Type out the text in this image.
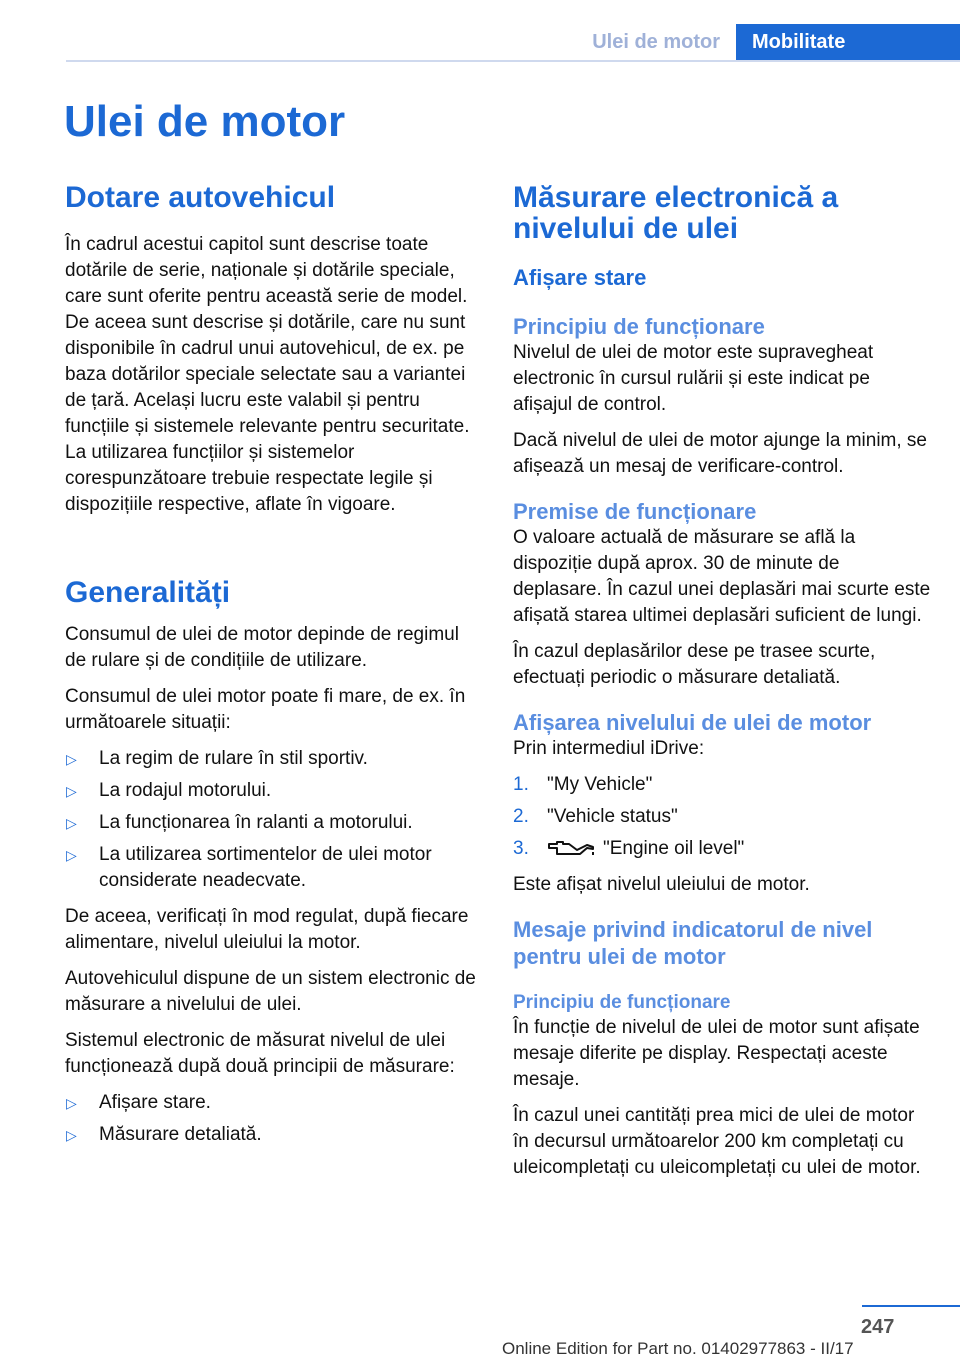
Ulei de motor	Mobilitate
Ulei de motor
Dotare autovehicul

În cadrul acestui capitol sunt descrise toate dotările de serie, naționale și dotările speciale, care sunt oferite pentru această serie de model. De aceea sunt descrise și dotările, care nu sunt disponibile în cadrul unui autovehicul, de ex. pe baza dotărilor speciale selectate sau a variantei de țară. Același lucru este valabil și pentru funcțiile și sistemele relevante pentru securitate. La utilizarea funcțiilor și sistemelor corespunzătoare trebuie respectate legile și dispozițiile respective, aflate în vigoare.

Generalități

Consumul de ulei de motor depinde de regimul de rulare și de condițiile de utilizare.

Consumul de ulei motor poate fi mare, de ex. în următoarele situații:

▷ La regim de rulare în stil sportiv.
▷ La rodajul motorului.
▷ La funcționarea în ralanti a motorului.
▷ La utilizarea sortimentelor de ulei motor considerate neadecvate.

De aceea, verificați în mod regulat, după fiecare alimentare, nivelul uleiului la motor.

Autovehiculul dispune de un sistem electronic de măsurare a nivelului de ulei.

Sistemul electronic de măsurat nivelul de ulei funcționează după două principii de măsurare:

▷ Afișare stare.
▷ Măsurare detaliată.
Măsurare electronică a nivelului de ulei
Afișare stare
Principiu de funcționare

Nivelul de ulei de motor este supravegheat electronic în cursul rulării și este indicat pe afișajul de control.

Dacă nivelul de ulei de motor ajunge la minim, se afișează un mesaj de verificare-control.

Premise de funcționare

O valoare actuală de măsurare se află la dispoziție după aprox. 30 de minute de deplasare. În cazul unei deplasări mai scurte este afișată starea ultimei deplasări suficient de lungi.

În cazul deplasărilor dese pe trasee scurte, efectuați periodic o măsurare detaliată.

Afișarea nivelului de ulei de motor

Prin intermediul iDrive:

1. "My Vehicle"
2. "Vehicle status"
3.	"Engine oil level"

Este afișat nivelul uleiului de motor.

Mesaje privind indicatorul de nivel pentru ulei de motor
Principiu de funcționare

În funcție de nivelul de ulei de motor sunt afișate mesaje diferite pe display. Respectați aceste mesaje.

În cazul unei cantități prea mici de ulei de motor în decursul următoarelor 200 km completați cu uleicompletați cu uleicompletați cu ulei de motor.

247
Online Edition for Part no. 01402977863 - II/17
